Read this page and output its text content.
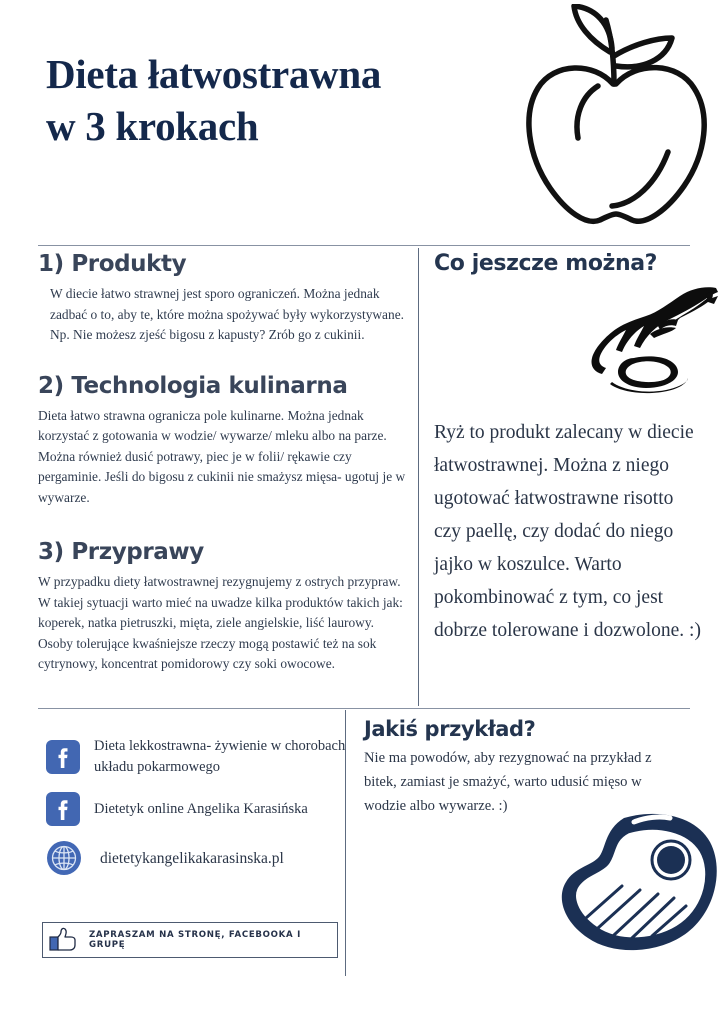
Dieta łatwostrawna
w 3 krokach
1) Produkty

W diecie łatwo strawnej jest sporo ograniczeń. Można jednak zadbać o to, aby te, które można spożywać były wykorzystywane. Np. Nie możesz zjeść bigosu z kapusty? Zrób go z cukinii.

2) Technologia kulinarna

Dieta łatwo strawna ogranicza pole kulinarne. Można jednak korzystać z gotowania w wodzie/ wywarze/ mleku albo na parze. Można również dusić potrawy, piec je w folii/ rękawie czy pergaminie. Jeśli do bigosu z cukinii nie smażysz mięsa- ugotuj je w wywarze.

3) Przyprawy

W przypadku diety łatwostrawnej rezygnujemy z ostrych przypraw. W takiej sytuacji warto mieć na uwadze kilka produktów takich jak: koperek, natka pietruszki, mięta, ziele angielskie, liść laurowy. Osoby tolerujące kwaśniejsze rzeczy mogą postawić też na sok cytrynowy, koncentrat pomidorowy czy soki owocowe.

Co jeszcze można?

Ryż to produkt zalecany w diecie łatwostrawnej. Można z niego ugotować łatwostrawne risotto czy paellę, czy dodać do niego jajko w koszulce. Warto pokombinować z tym, co jest dobrze tolerowane i dozwolone. :)

Dieta lekkostrawna- żywienie w chorobach układu pokarmowego
Dietetyk online Angelika Karasińska
dietetykangelikakarasinska.pl
ZAPRASZAM NA STRONĘ, FACEBOOKA I GRUPĘ
Jakiś przykład?

Nie ma powodów, aby rezygnować na przykład z bitek, zamiast je smażyć, warto udusić mięso w wodzie albo wywarze. :)
